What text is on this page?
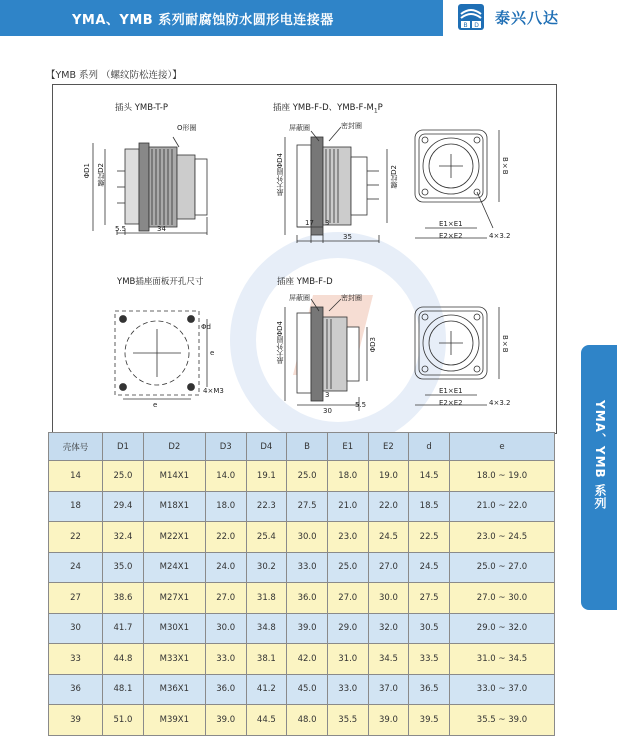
YMA、YMB 系列耐腐蚀防水圆形电连接器	B D 泰兴八达
【YMB 系列 （螺纹防松连接）】
插头 YMB-T-P	插座 YMB-F-D、YMB-$F-M_1P$
YMB插座面板开孔尺寸	插座 YMB-F-D
O形圈	屏蔽圈	密封圈
屏蔽圈	密封圈
ΦD1 螺纹D2	最大外圆ΦD4	螺纹D2
最大外圆ΦD4	ΦD3
Φd
e
e
4×M3
B×B
B×B
E1×E1
E2×E2	4×3.2
E1×E1
E2×E2	4×3.2
5.5	34
17 3
35
3
30
5.5	YMA、YMB 系列
壳体号	D1	D2	D3	D4	B	E1	E2	d	e
14	25.0	M14X1	14.0	19.1	25.0	18.0	19.0	14.5	18.0 ~ 19.0
18	29.4	M18X1	18.0	22.3	27.5	21.0	22.0	18.5	21.0 ~ 22.0
22	32.4	M22X1	22.0	25.4	30.0	23.0	24.5	22.5	23.0 ~ 24.5
24	35.0	M24X1	24.0	30.2	33.0	25.0	27.0	24.5	25.0 ~ 27.0
27	38.6	M27X1	27.0	31.8	36.0	27.0	30.0	27.5	27.0 ~ 30.0
30	41.7	M30X1	30.0	34.8	39.0	29.0	32.0	30.5	29.0 ~ 32.0
33	44.8	M33X1	33.0	38.1	42.0	31.0	34.5	33.5	31.0 ~ 34.5
36	48.1	M36X1	36.0	41.2	45.0	33.0	37.0	36.5	33.0 ~ 37.0
39	51.0	M39X1	39.0	44.5	48.0	35.5	39.0	39.5	35.5 ~ 39.0
